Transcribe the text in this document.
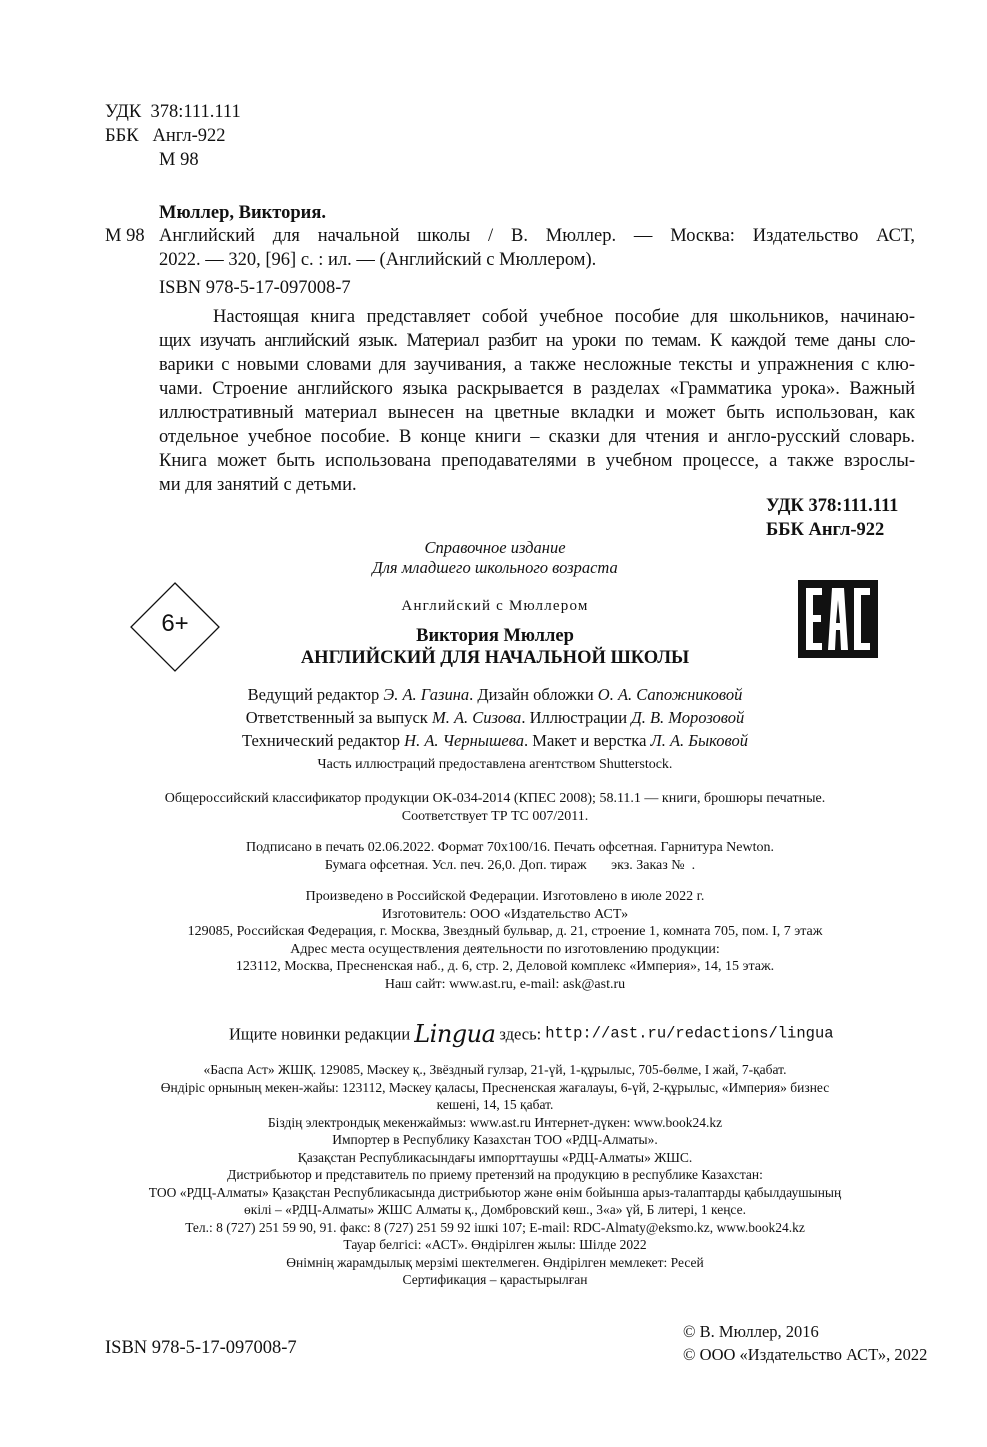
УДК 378:111.111
ББК Англ-922
М 98
Мюллер, Виктория.
М 98 Английский для начальной школы / В. Мюллер. — Москва: Издательство АСТ,
2022. — 320, [96] с. : ил. — (Английский с Мюллером).
ISBN 978-5-17-097008-7
Настоящая книга представляет собой учебное пособие для школьников, начинаю-
щих изучать английский язык. Материал разбит на уроки по темам. К каждой теме даны сло-
варики с новыми словами для заучивания, а также несложные тексты и упражнения с клю-
чами. Строение английского языка раскрывается в разделах «Грамматика урока». Важный
иллюстративный материал вынесен на цветные вкладки и может быть использован, как
отдельное учебное пособие. В конце книги – сказки для чтения и англо-русский словарь.
Книга может быть использована преподавателями в учебном процессе, а также взрослы-
ми для занятий с детьми.
УДК 378:111.111
ББК Англ-922
Справочное издание
Для младшего школьного возраста
6+
Английский с Мюллером
Виктория Мюллер
АНГЛИЙСКИЙ ДЛЯ НАЧАЛЬНОЙ ШКОЛЫ
Ведущий редактор Э. А. Газина. Дизайн обложки О. А. Сапожниковой
Ответственный за выпуск М. А. Сизова. Иллюстрации Д. В. Морозовой
Технический редактор Н. А. Чернышева. Макет и верстка Л. А. Быковой
Часть иллюстраций предоставлена агентством Shutterstock.
Общероссийский классификатор продукции ОК-034-2014 (КПЕС 2008); 58.11.1 — книги, брошюры печатные.
Соответствует ТР ТС 007/2011.
Подписано в печать 02.06.2022. Формат 70х100/16. Печать офсетная. Гарнитура Newton.
Бумага офсетная. Усл. печ. 26,0. Доп. тираж       экз. Заказ №  .
Произведено в Российской Федерации. Изготовлено в июле 2022 г.
Изготовитель: ООО «Издательство АСТ»
129085, Российская Федерация, г. Москва, Звездный бульвар, д. 21, строение 1, комната 705, пом. I, 7 этаж
Адрес места осуществления деятельности по изготовлению продукции:
123112, Москва, Пресненская наб., д. 6, стр. 2, Деловой комплекс «Империя», 14, 15 этаж.
Наш сайт: www.ast.ru, e-mail: ask@ast.ru
Ищите новинки редакции Lingua здесь: http://ast.ru/redactions/lingua
«Баспа Аст» ЖШҚ. 129085, Мәскеу қ., Звёздный гулзар, 21-үй, 1-құрылыс, 705-бөлме, I жай, 7-қабат.
Өндіріс орнының мекен-жайы: 123112, Мәскеу қаласы, Пресненская жағалауы, 6-үй, 2-құрылыс, «Империя» бизнес
кешені, 14, 15 қабат.
Біздің электрондық мекенжаймыз: www.ast.ru Интернет-дүкен: www.book24.kz
Импортер в Республику Казахстан ТОО «РДЦ-Алматы».
Қазақстан Республикасындағы импорттаушы «РДЦ-Алматы» ЖШС.
Дистрибьютор и представитель по приему претензий на продукцию в республике Казахстан:
ТОО «РДЦ-Алматы» Қазақстан Республикасында дистрибьютор және өнім бойынша арыз-талаптарды қабылдаушының
өкілі – «РДЦ-Алматы» ЖШС Алматы қ., Домбровский көш., 3«а» үй, Б литері, 1 кеңсе.
Тел.: 8 (727) 251 59 90, 91. факс: 8 (727) 251 59 92 ішкі 107; E-mail: RDC-Almaty@eksmo.kz, www.book24.kz
Тауар белгісі: «АСТ». Өндірілген жылы: Шілде 2022
Өнімнің жарамдылық мерзімі шектелмеген. Өндірілген мемлекет: Ресей
Сертификация – қарастырылған
ISBN 978-5-17-097008-7
© В. Мюллер, 2016
© ООО «Издательство АСТ», 2022
